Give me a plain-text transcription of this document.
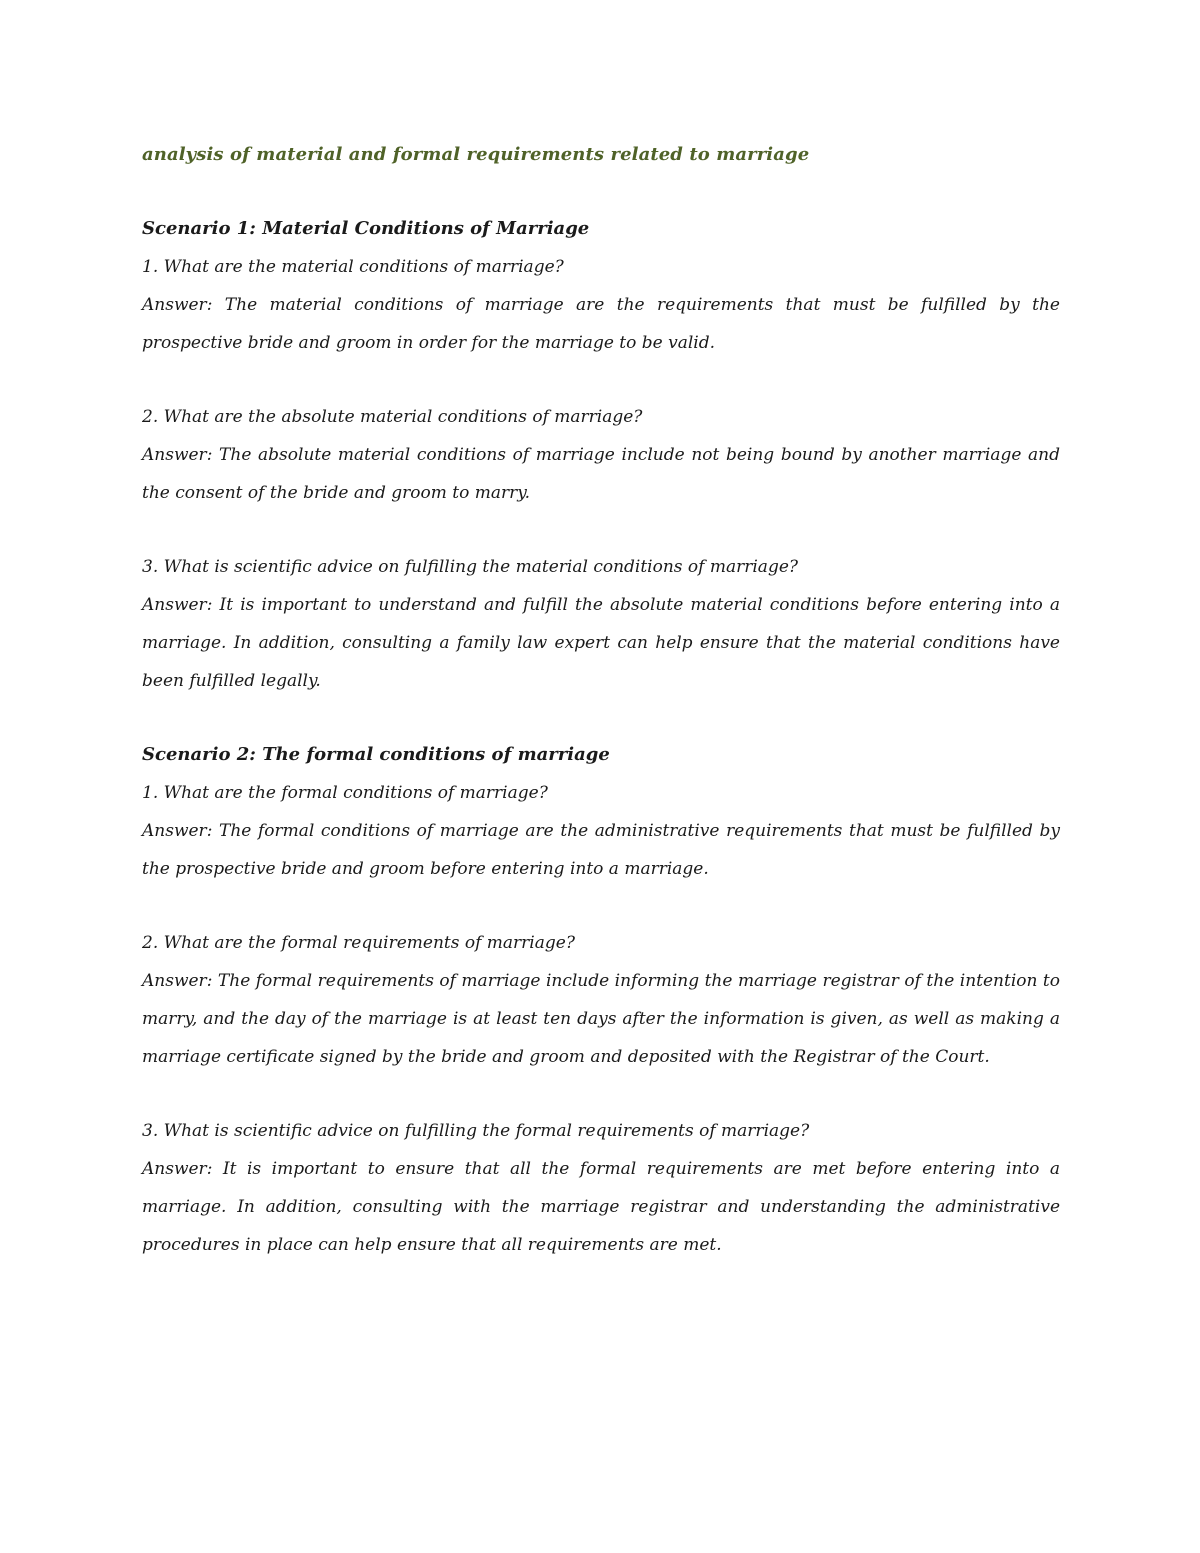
analysis of material and formal requirements related to marriage
Scenario 1: Material Conditions of Marriage

1. What are the material conditions of marriage?

Answer: The material conditions of marriage are the requirements that must be fulfilled by the prospective bride and groom in order for the marriage to be valid.

2. What are the absolute material conditions of marriage?

Answer: The absolute material conditions of marriage include not being bound by another marriage and the consent of the bride and groom to marry.

3. What is scientific advice on fulfilling the material conditions of marriage?

Answer: It is important to understand and fulfill the absolute material conditions before entering into a marriage. In addition, consulting a family law expert can help ensure that the material conditions have been fulfilled legally.

Scenario 2: The formal conditions of marriage

1. What are the formal conditions of marriage?

Answer: The formal conditions of marriage are the administrative requirements that must be fulfilled by the prospective bride and groom before entering into a marriage.

2. What are the formal requirements of marriage?

Answer: The formal requirements of marriage include informing the marriage registrar of the intention to marry, and the day of the marriage is at least ten days after the information is given, as well as making a marriage certificate signed by the bride and groom and deposited with the Registrar of the Court.

3. What is scientific advice on fulfilling the formal requirements of marriage?

Answer: It is important to ensure that all the formal requirements are met before entering into a marriage. In addition, consulting with the marriage registrar and understanding the administrative procedures in place can help ensure that all requirements are met.
